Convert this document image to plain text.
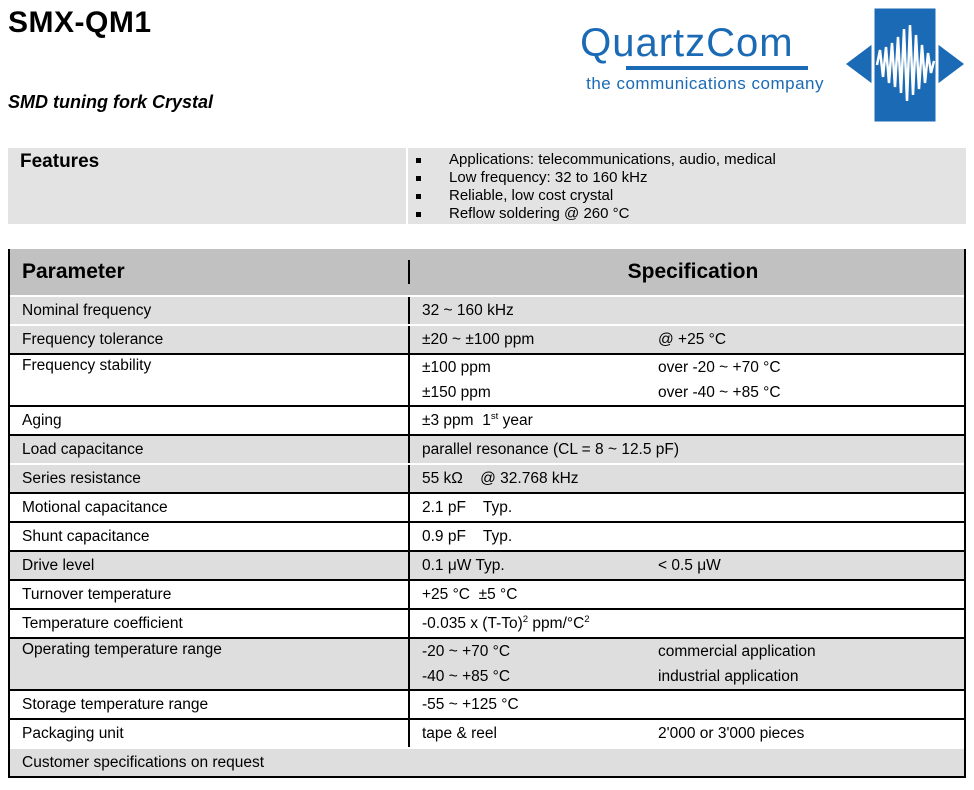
SMX-QM1
SMD tuning fork Crystal
QuartzCom
the communications company
Features	Applications: telecommunications, audio, medical
Low frequency: 32 to 160 kHz
Reliable, low cost crystal
Reflow soldering @ 260 °C
Parameter	Specification
Nominal frequency	32 ~ 160 kHz
Frequency tolerance	±20 ~ ±100 ppm	@ +25 °C
Frequency stability	±100 ppm	over -20 ~ +70 °C
±150 ppm	over -40 ~ +85 °C
Aging	±3 ppm  1st year
Load capacitance	parallel resonance (CL = 8 ~ 12.5 pF)
Series resistance	55 kΩ    @ 32.768 kHz
Motional capacitance	2.1 pF    Typ.
Shunt capacitance	0.9 pF    Typ.
Drive level	0.1 μW Typ.	< 0.5 μW
Turnover temperature	+25 °C  ±5 °C
Temperature coefficient	-0.035 x $(T-To)^2$ ppm/$^\circ C^2$
Operating temperature range	-20 ~ +70 °C	commercial application
-40 ~ +85 °C	industrial application
Storage temperature range	-55 ~ +125 °C
Packaging unit	tape & reel	2'000 or 3'000 pieces
Customer specifications on request
